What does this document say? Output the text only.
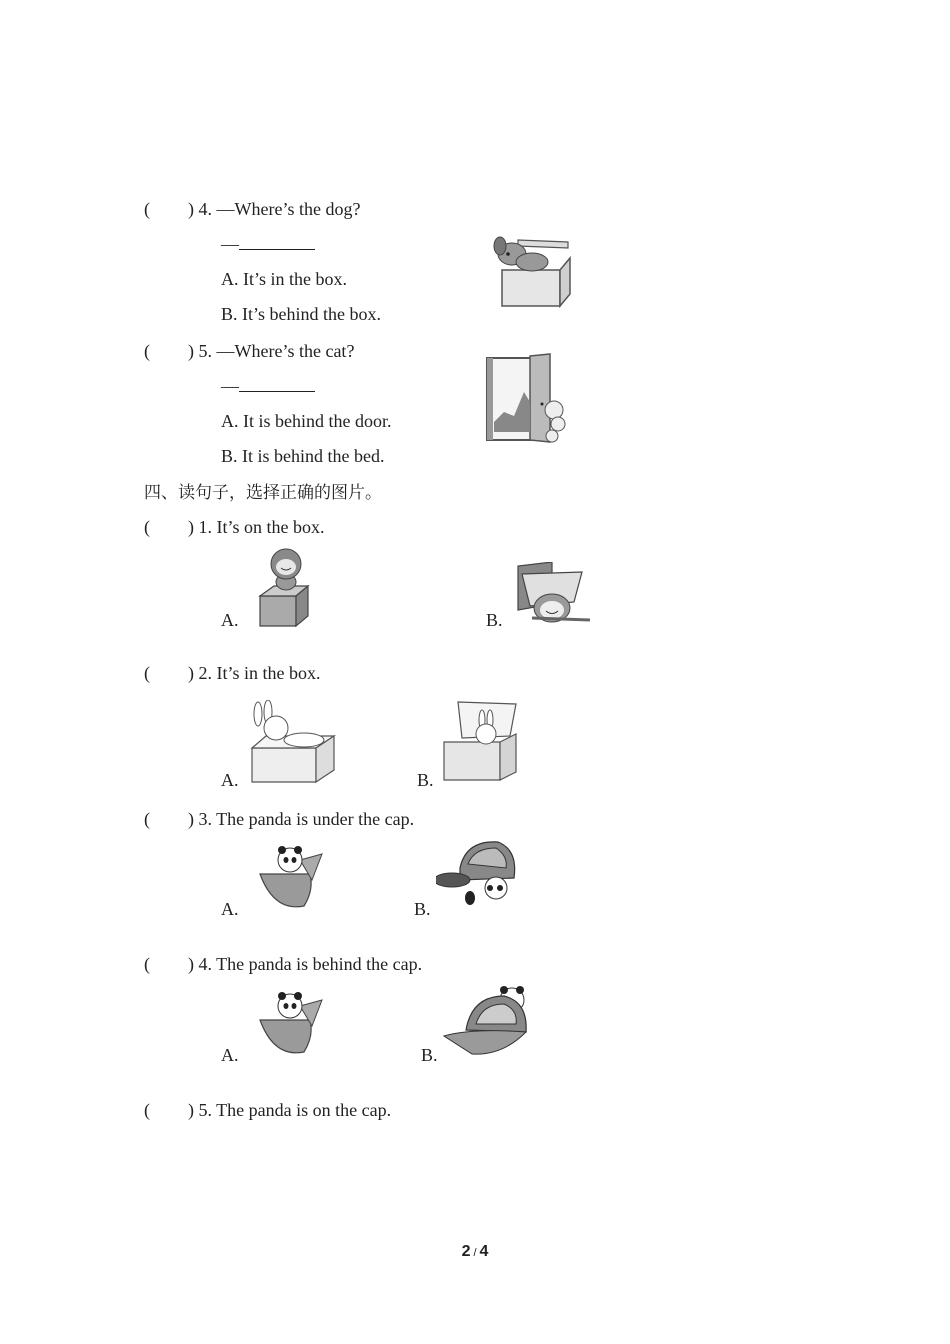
( ) 4. —Where’s the dog?
—
A. It’s in the box.
B. It’s behind the box.
( ) 5. —Where’s the cat?
—
A. It is behind the door.
B. It is behind the bed.
四、读句子，选择正确的图片。
( ) 1. It’s on the box.
A.	B.
( ) 2. It’s in the box.
A.	B.
( ) 3. The panda is under the cap.
A.	B.
( ) 4. The panda is behind the cap.
A.	B.
( ) 5. The panda is on the cap.
2 / 4
